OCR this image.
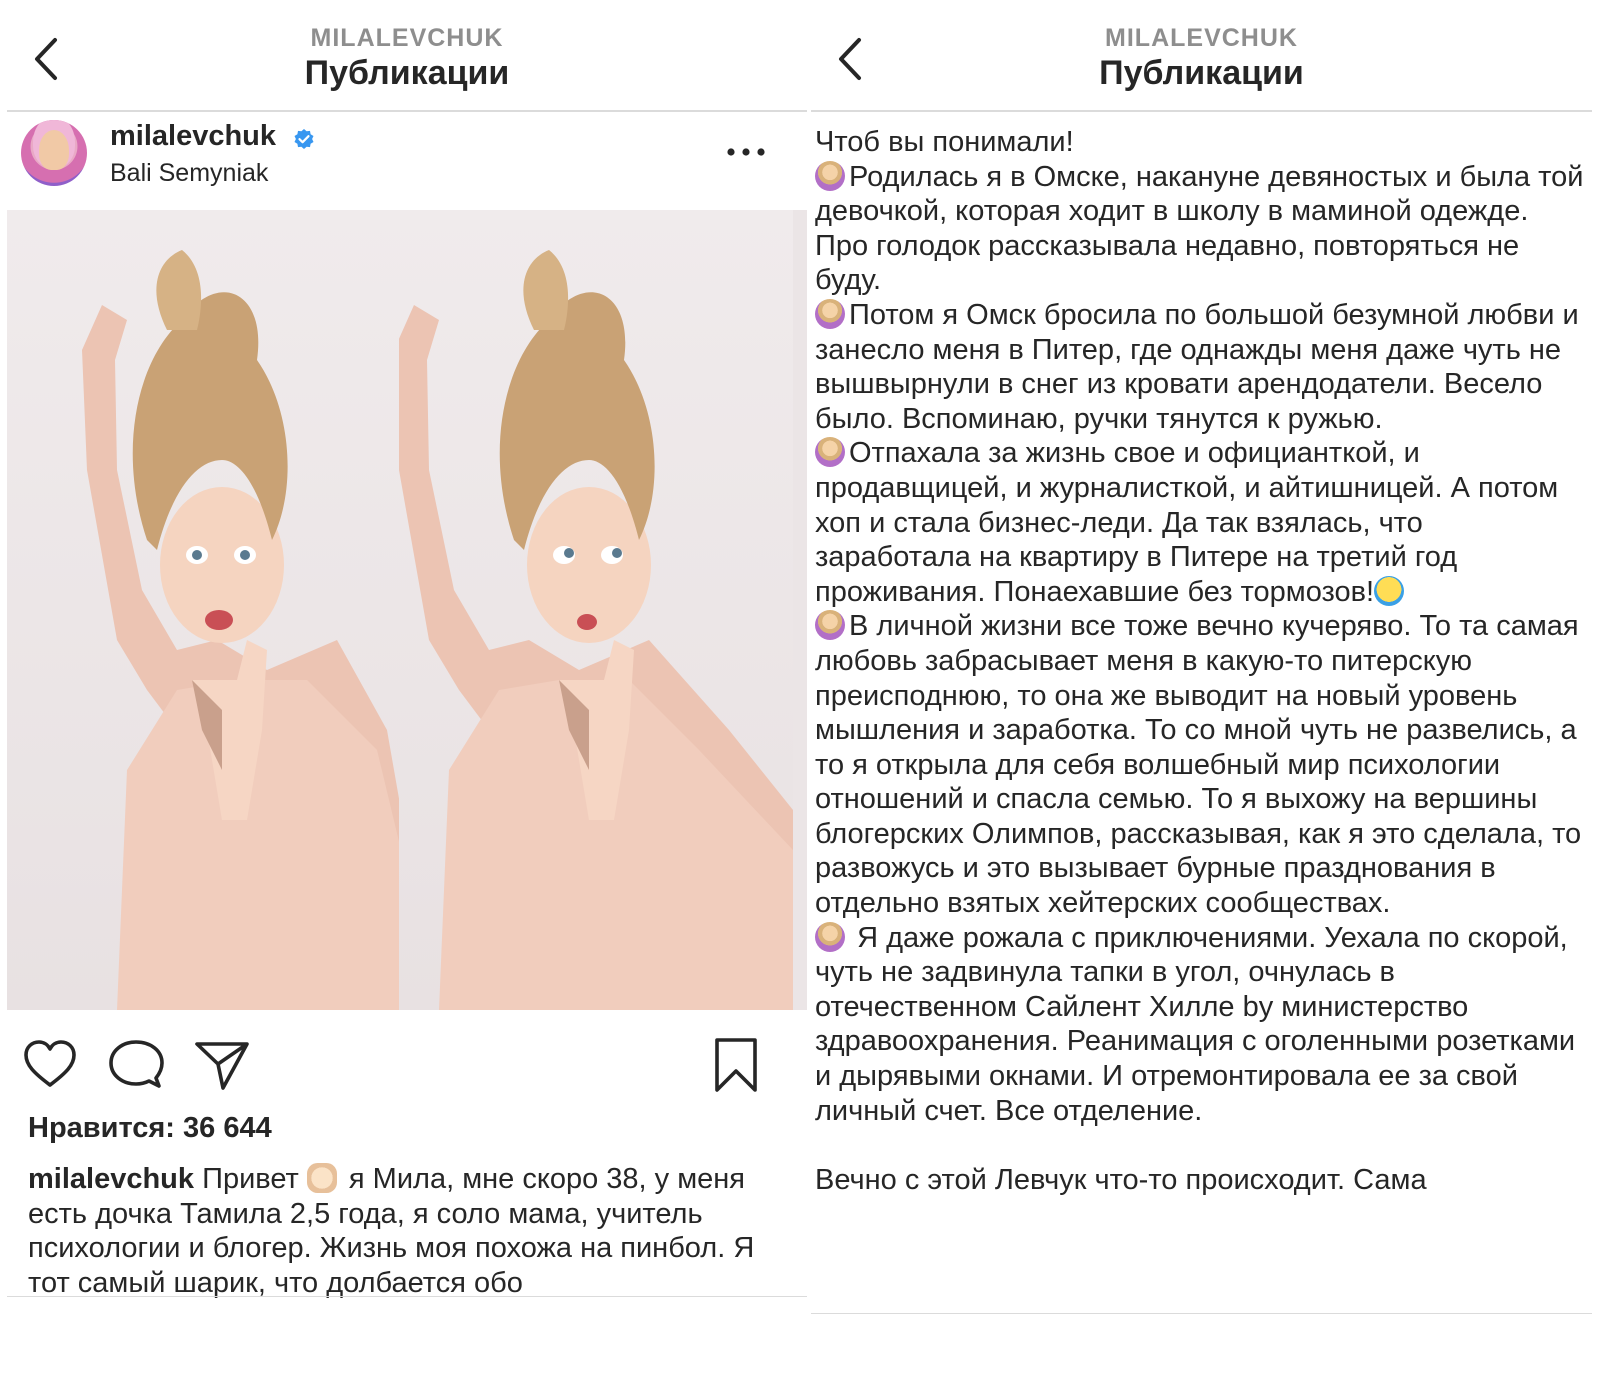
MILALEVCHUK
Публикации
milalevchuk
Bali Semyniak
Нравится: 36 644
milalevchuk Привет  я Мила, мне скоро 38, у меня есть дочка Тамила 2,5 года, я соло мама, учитель психологии и блогер. Жизнь моя похожа на пинбол. Я тот самый шарик, что долбается обо
MILALEVCHUK
Публикации

Чтоб вы понимали!

Родилась я в Омске, накануне девяностых и была той девочкой, которая ходит в школу в маминой одежде. Про голодок рассказывала недавно, повторяться не буду.

Потом я Омск бросила по большой безумной любви и занесло меня в Питер, где однажды меня даже чуть не вышвырнули в снег из кровати арендодатели. Весело было. Вспоминаю, ручки тянутся к ружью.

Отпахала за жизнь свое и официанткой, и продавщицей, и журналисткой, и айтишницей. А потом хоп и стала бизнес-леди. Да так взялась, что заработала на квартиру в Питере на третий год проживания. Понаехавшие без тормозов!

В личной жизни все тоже вечно кучеряво. То та самая любовь забрасывает меня в какую-то питерскую преисподнюю, то она же выводит на новый уровень мышления и заработка. То со мной чуть не развелись, а то я открыла для себя волшебный мир психологии отношений и спасла семью. То я выхожу на вершины блогерских Олимпов, рассказывая, как я это сделала, то развожусь и это вызывает бурные празднования в отдельно взятых хейтерских сообществах.

Я даже рожала с приключениями. Уехала по скорой, чуть не задвинула тапки в угол, очнулась в отечественном Сайлент Хилле by министерство здравоохранения. Реанимация с оголенными розетками и дырявыми окнами. И отремонтировала ее за свой личный счет. Все отделение.

Вечно с этой Левчук что-то происходит. Сама
